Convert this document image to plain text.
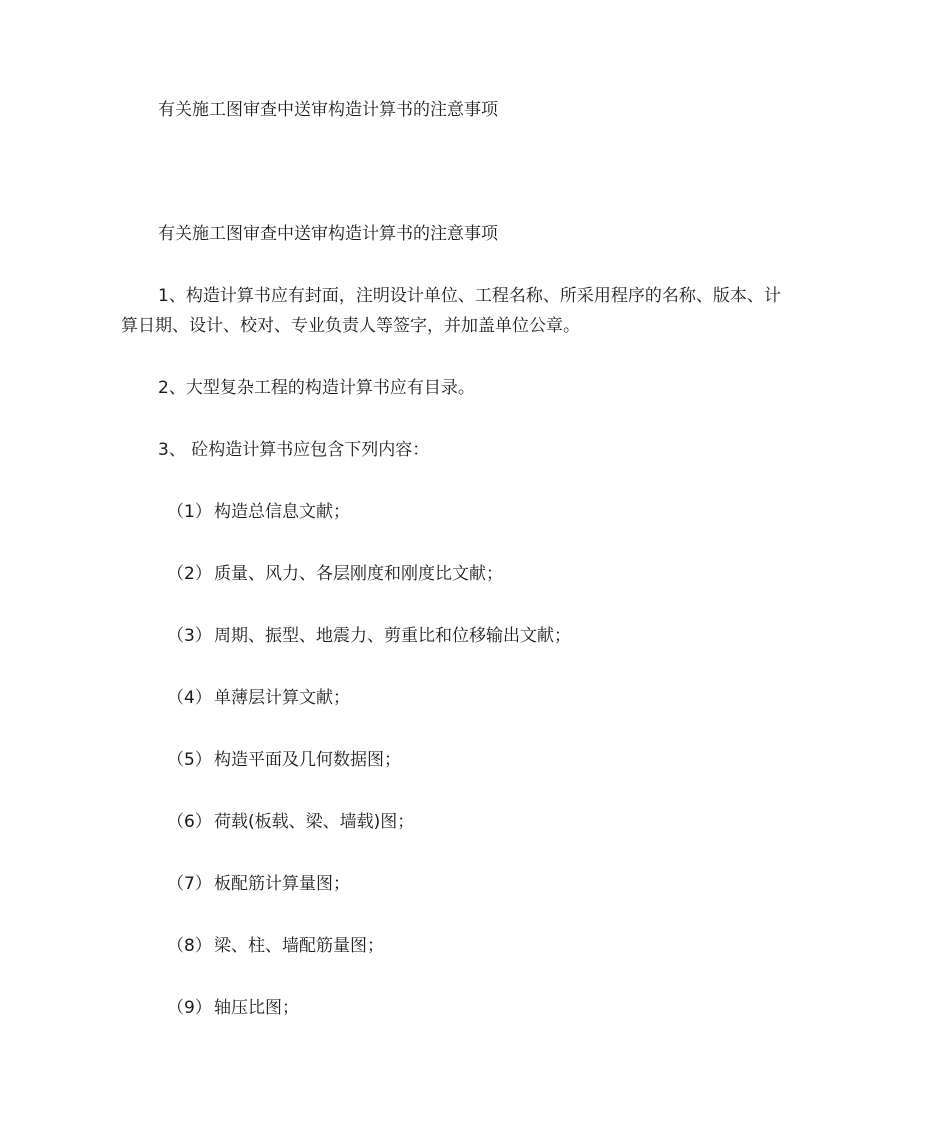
有关施工图审查中送审构造计算书的注意事项
有关施工图审查中送审构造计算书的注意事项
1、构造计算书应有封面，注明设计单位、工程名称、所采用程序的名称、版本、计
算日期、设计、校对、专业负责人等签字，并加盖单位公章。
2、大型复杂工程的构造计算书应有目录。
3、 砼构造计算书应包含下列内容：
（1） 构造总信息文献；
（2） 质量、风力、各层刚度和刚度比文献；
（3） 周期、振型、地震力、剪重比和位移输出文献；
（4） 单薄层计算文献；
（5） 构造平面及几何数据图；
（6） 荷载(板载、梁、墙载)图；
（7） 板配筋计算量图；
（8） 梁、柱、墙配筋量图；
（9） 轴压比图；
